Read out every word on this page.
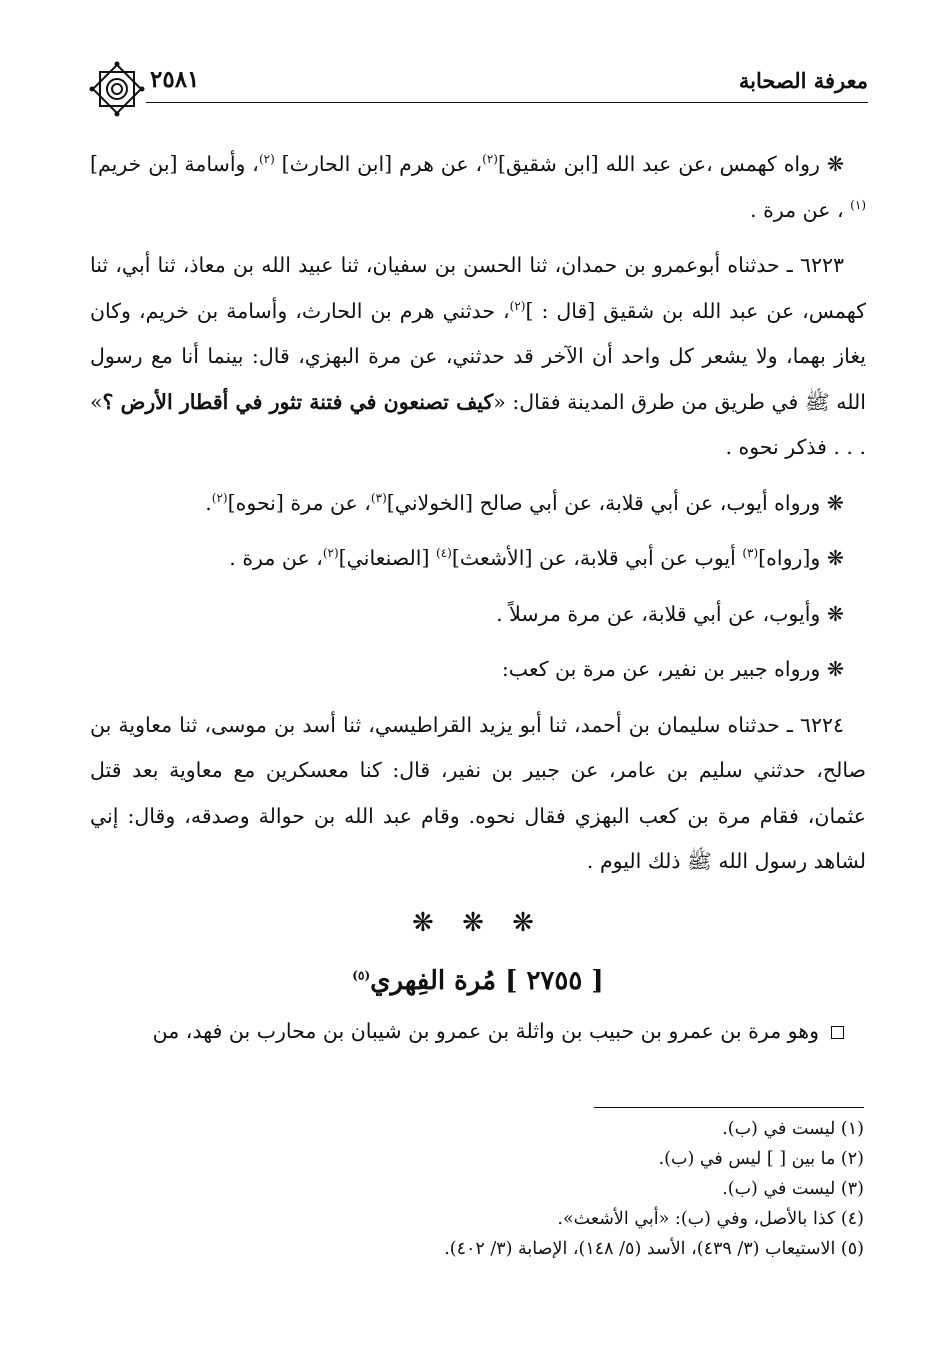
معرفة الصحابة
٢٥٨١

❋ رواه كهمس ،عن عبد الله [ابن شقيق]$^{(٢)}$، عن هرم [ابن الحارث] $^{(٢)}$، وأسامة [بن خريم]$^{(١)}$ ، عن مرة .

٦٢٢٣ ـ حدثناه أبوعمرو بن حمدان، ثنا الحسن بن سفيان، ثنا عبيد الله بن معاذ، ثنا أبي، ثنا كهمس، عن عبد الله بن شقيق [قال : ]$^{(٢)}$، حدثني هرم بن الحارث، وأسامة بن خريم، وكان يغاز بهما، ولا يشعر كل واحد أن الآخر قد حدثني، عن مرة البهزي، قال: بينما أنا مع رسول الله ﷺ في طريق من طرق المدينة فقال: «كيف تصنعون في فتنة تثور في أقطار الأرض ؟» . . . فذكر نحوه .

❋ ورواه أيوب، عن أبي قلابة، عن أبي صالح [الخولاني]$^{(٣)}$، عن مرة [نحوه]$^{(٢)}$.

❋ و[رواه]$^{(٣)}$ أيوب عن أبي قلابة، عن [الأشعث]$^{(٤)}$ [الصنعاني]$^{(٢)}$، عن مرة .

❋ وأيوب، عن أبي قلابة، عن مرة مرسلاً .

❋ ورواه جبير بن نفير، عن مرة بن كعب:

٦٢٢٤ ـ حدثناه سليمان بن أحمد، ثنا أبو يزيد القراطيسي، ثنا أسد بن موسى، ثنا معاوية بن صالح، حدثني سليم بن عامر، عن جبير بن نفير، قال: كنا معسكرين مع معاوية بعد قتل عثمان، فقام مرة بن كعب البهزي فقال نحوه. وقام عبد الله بن حوالة وصدقه، وقال: إني لشاهد رسول الله ﷺ ذلك اليوم .

❋ ❋ ❋
[ ٢٧٥٥ ] مُرة الفِهري$^{(٥)}$

وهو مرة بن عمرو بن حبيب بن واثلة بن عمرو بن شيبان بن محارب بن فهد، من

(١) ليست في (ب).

(٢) ما بين [ ] ليس في (ب).

(٣) ليست في (ب).

(٤) كذا بالأصل، وفي (ب): «أبي الأشعث».

(٥) الاستيعاب (٣/ ٤٣٩)، الأسد (٥/ ١٤٨)، الإصابة (٣/ ٤٠٢).
